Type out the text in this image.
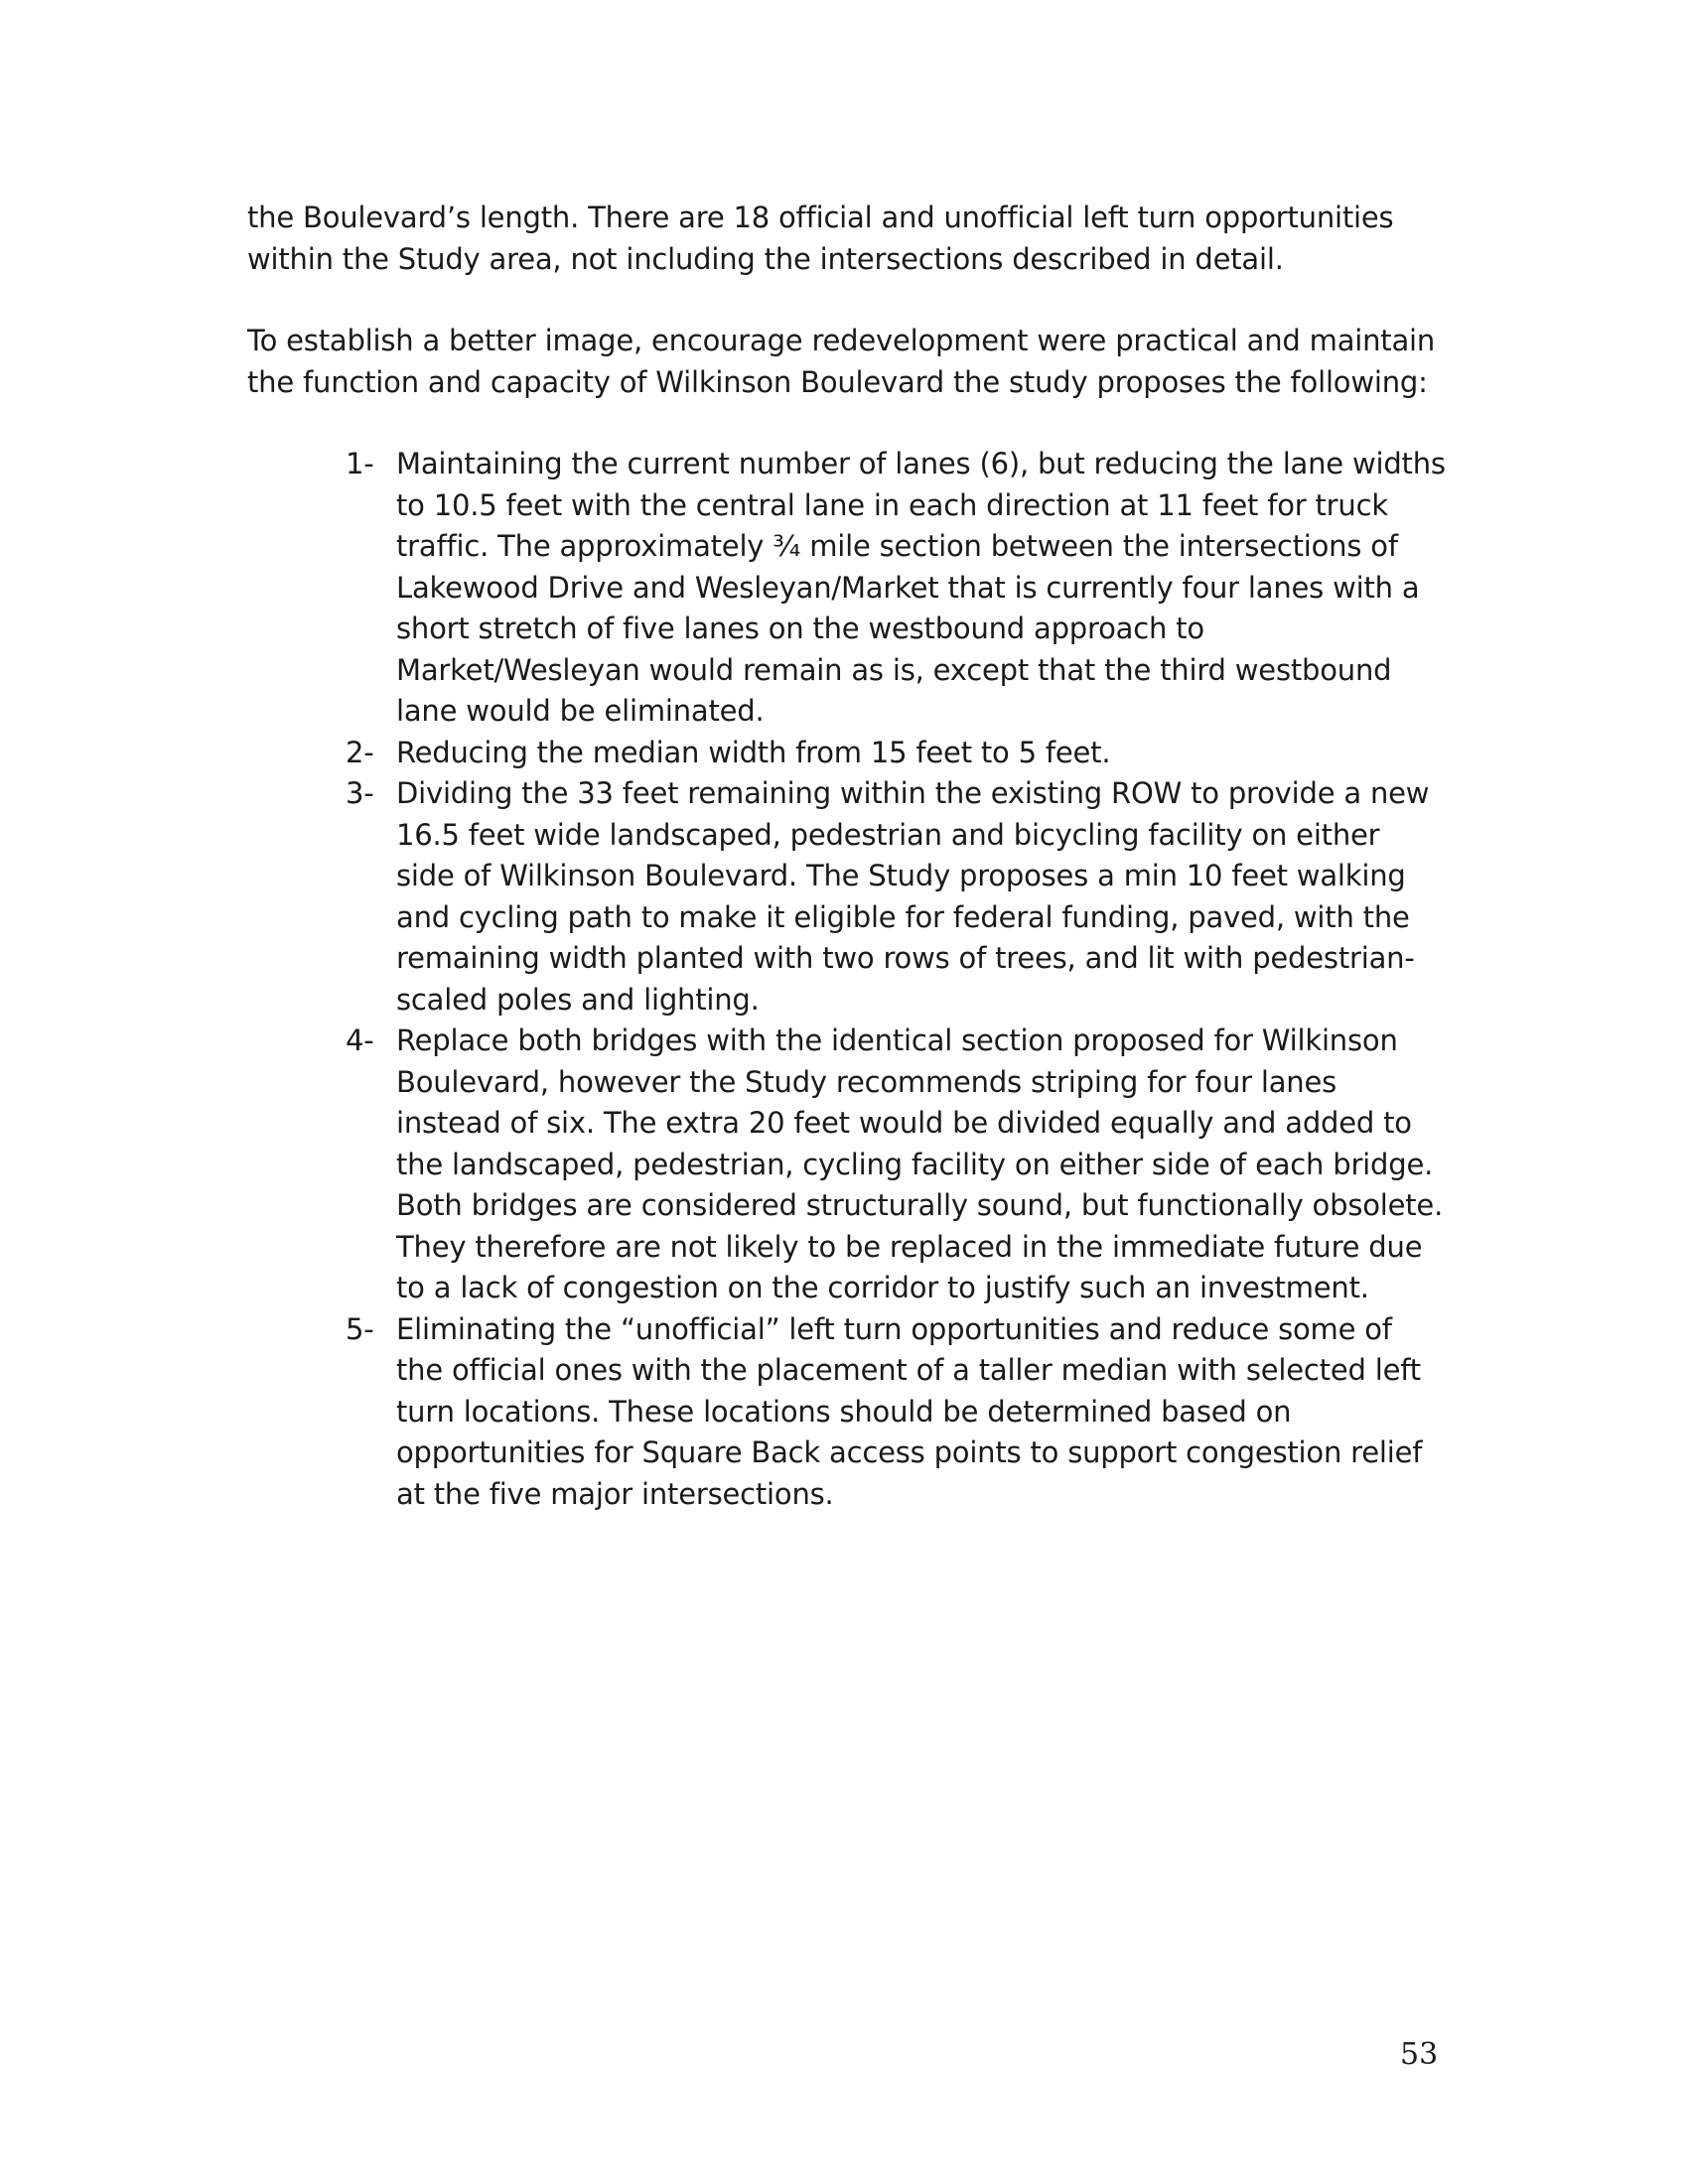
the Boulevard’s length. There are 18 official and unofficial left turn opportunities within the Study area, not including the intersections described in detail.

To establish a better image, encourage redevelopment were practical and maintain the function and capacity of Wilkinson Boulevard the study proposes the following:

1- Maintaining the current number of lanes (6), but reducing the lane widths to 10.5 feet with the central lane in each direction at 11 feet for truck traffic. The approximately ¾ mile section between the intersections of Lakewood Drive and Wesleyan/Market that is currently four lanes with a short stretch of five lanes on the westbound approach to Market/Wesleyan would remain as is, except that the third westbound lane would be eliminated.
2- Reducing the median width from 15 feet to 5 feet.
3- Dividing the 33 feet remaining within the existing ROW to provide a new 16.5 feet wide landscaped, pedestrian and bicycling facility on either side of Wilkinson Boulevard. The Study proposes a min 10 feet walking and cycling path to make it eligible for federal funding, paved, with the remaining width planted with two rows of trees, and lit with pedestrian-scaled poles and lighting.
4- Replace both bridges with the identical section proposed for Wilkinson Boulevard, however the Study recommends striping for four lanes instead of six. The extra 20 feet would be divided equally and added to the landscaped, pedestrian, cycling facility on either side of each bridge. Both bridges are considered structurally sound, but functionally obsolete. They therefore are not likely to be replaced in the immediate future due to a lack of congestion on the corridor to justify such an investment.
5- Eliminating the “unofficial” left turn opportunities and reduce some of the official ones with the placement of a taller median with selected left turn locations. These locations should be determined based on opportunities for Square Back access points to support congestion relief at the five major intersections.
53
